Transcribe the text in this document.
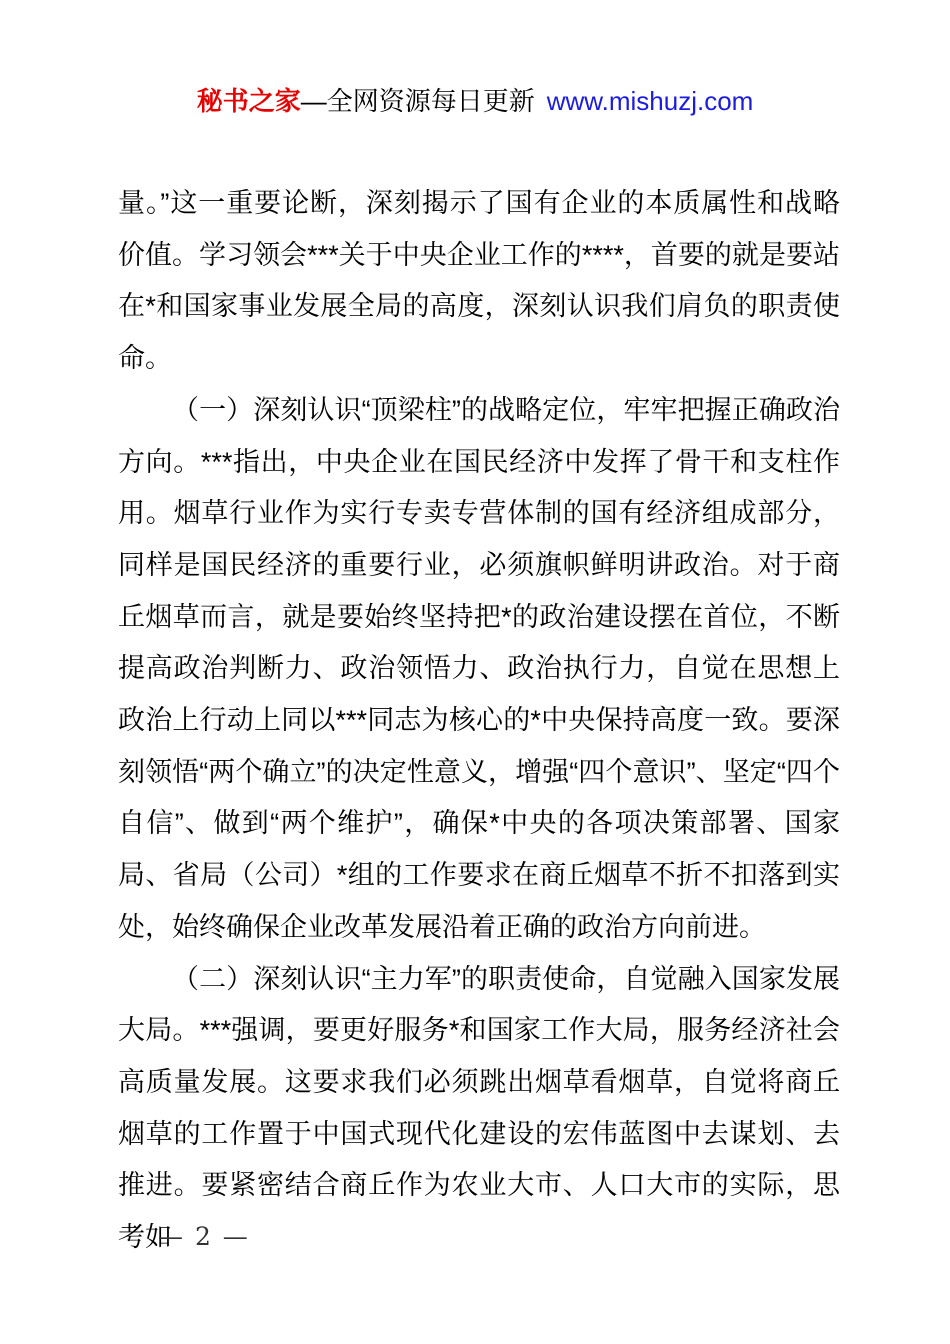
秘书之家—全网资源每日更新 www.mishuzj.com

量。”这一重要论断，深刻揭示了国有企业的本质属性和战略价值。学习领会***关于中央企业工作的****，首要的就是要站在*和国家事业发展全局的高度，深刻认识我们肩负的职责使命。

（一）深刻认识“顶梁柱”的战略定位，牢牢把握正确政治方向。***指出，中央企业在国民经济中发挥了骨干和支柱作用。烟草行业作为实行专卖专营体制的国有经济组成部分，同样是国民经济的重要行业，必须旗帜鲜明讲政治。对于商丘烟草而言，就是要始终坚持把*的政治建设摆在首位，不断提高政治判断力、政治领悟力、政治执行力，自觉在思想上政治上行动上同以***同志为核心的*中央保持高度一致。要深刻领悟“两个确立”的决定性意义，增强“四个意识”、坚定“四个自信”、做到“两个维护”，确保*中央的各项决策部署、国家局、省局（公司）*组的工作要求在商丘烟草不折不扣落到实处，始终确保企业改革发展沿着正确的政治方向前进。

（二）深刻认识“主力军”的职责使命，自觉融入国家发展大局。***强调，要更好服务*和国家工作大局，服务经济社会高质量发展。这要求我们必须跳出烟草看烟草，自觉将商丘烟草的工作置于中国式现代化建设的宏伟蓝图中去谋划、去推进。要紧密结合商丘作为农业大市、人口大市的实际，思考如

— 2 —
